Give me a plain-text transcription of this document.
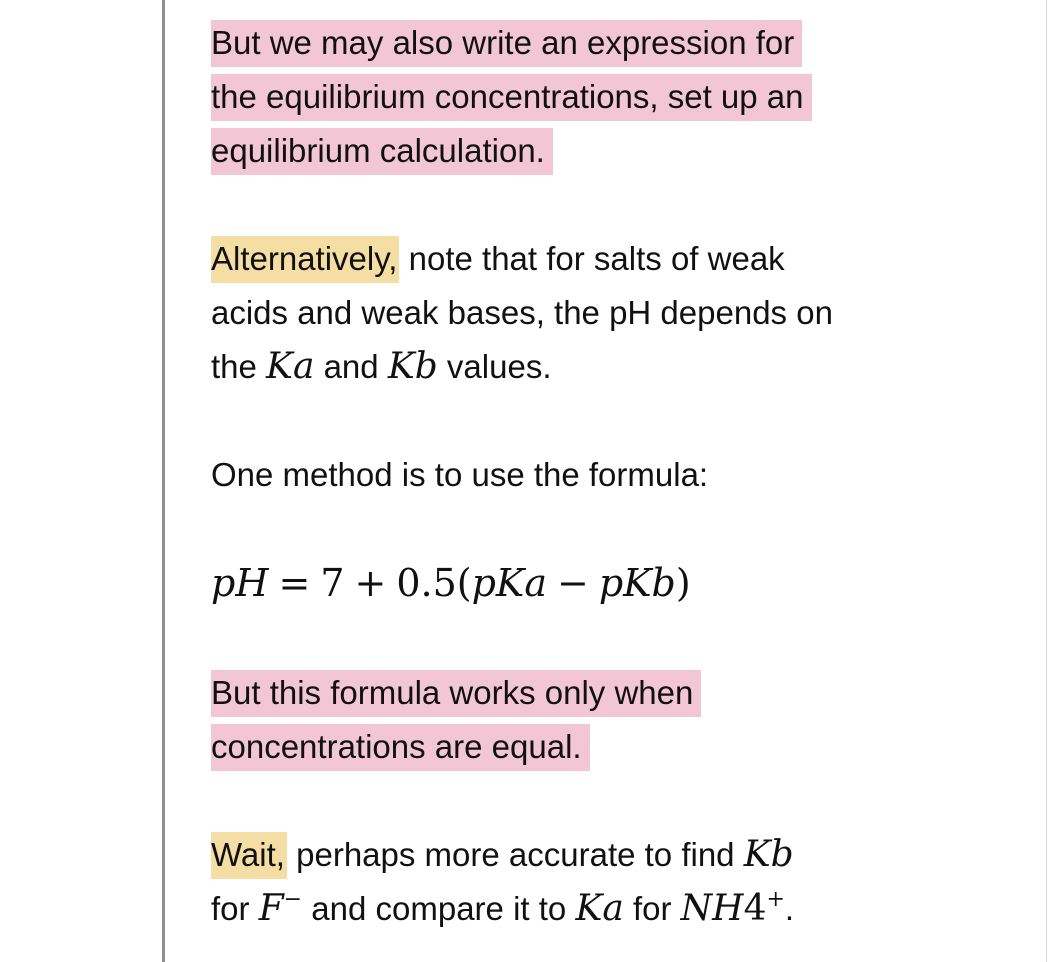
But we may also write an expression for
the equilibrium concentrations, set up an
equilibrium calculation.
Alternatively, note that for salts of weak
acids and weak bases, the pH depends on
the Ka and Kb values.
One method is to use the formula:
pH = 7 + 0.5(pKa − pKb)
But this formula works only when
concentrations are equal.
Wait, perhaps more accurate to find Kb
for F− and compare it to Ka for NH4+.
